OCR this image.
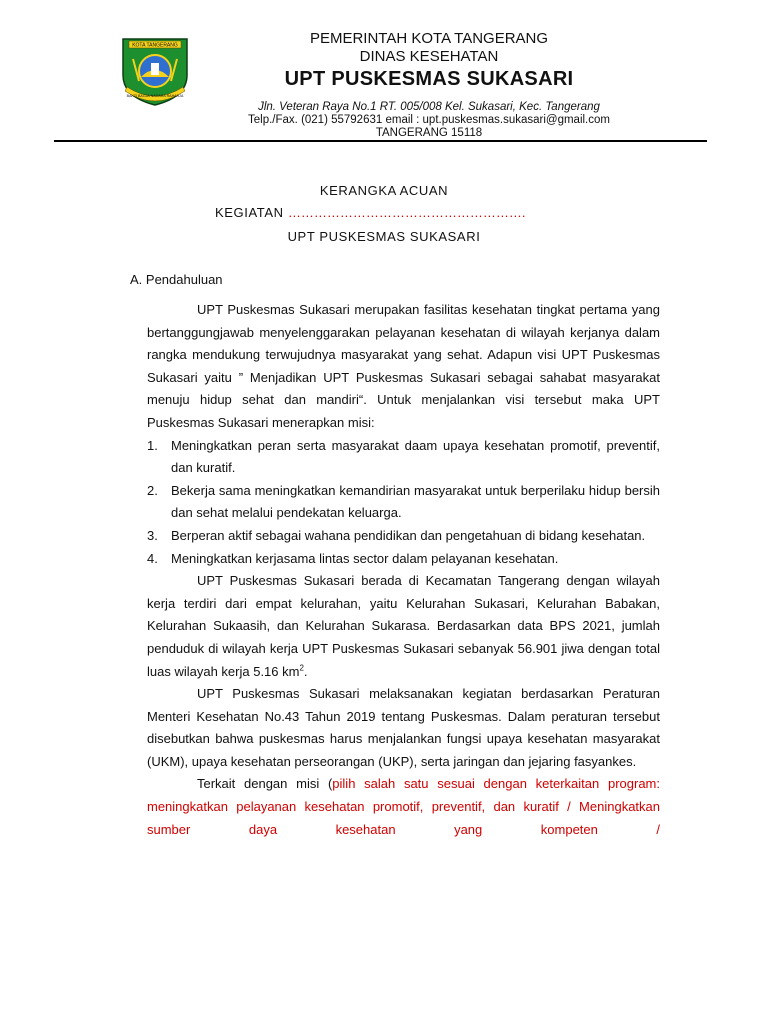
KOTA TANGERANG
BAKTI BAGJA NAGARA RAHARJA
PEMERINTAH KOTA TANGERANG
DINAS KESEHATAN
UPT PUSKESMAS SUKASARI
Jln. Veteran Raya No.1 RT. 005/008 Kel. Sukasari, Kec. Tangerang
Telp./Fax. (021) 55792631 email : upt.puskesmas.sukasari@gmail.com
TANGERANG 15118
KERANGKA ACUAN
KEGIATAN ……………………………………………….
UPT PUSKESMAS SUKASARI
A. Pendahuluan

UPT Puskesmas Sukasari merupakan fasilitas kesehatan tingkat pertama yang bertanggungjawab menyelenggarakan pelayanan kesehatan di wilayah kerjanya dalam rangka mendukung terwujudnya masyarakat yang sehat. Adapun visi UPT Puskesmas Sukasari yaitu ” Menjadikan UPT Puskesmas Sukasari sebagai sahabat masyarakat menuju hidup sehat dan mandiri“. Untuk menjalankan visi tersebut maka UPT Puskesmas Sukasari menerapkan misi:

1. Meningkatkan peran serta masyarakat daam upaya kesehatan promotif, preventif, dan kuratif.
2. Bekerja sama meningkatkan kemandirian masyarakat untuk berperilaku hidup bersih dan sehat melalui pendekatan keluarga.
3. Berperan aktif sebagai wahana pendidikan dan pengetahuan di bidang kesehatan.
4. Meningkatkan kerjasama lintas sector dalam pelayanan kesehatan.

UPT Puskesmas Sukasari berada di Kecamatan Tangerang dengan wilayah kerja terdiri dari empat kelurahan, yaitu Kelurahan Sukasari, Kelurahan Babakan, Kelurahan Sukaasih, dan Kelurahan Sukarasa. Berdasarkan data BPS 2021, jumlah penduduk di wilayah kerja UPT Puskesmas Sukasari sebanyak 56.901 jiwa dengan total luas wilayah kerja 5.16 $km^2$.

UPT Puskesmas Sukasari melaksanakan kegiatan berdasarkan Peraturan Menteri Kesehatan No.43 Tahun 2019 tentang Puskesmas. Dalam peraturan tersebut disebutkan bahwa puskesmas harus menjalankan fungsi upaya kesehatan masyarakat (UKM), upaya kesehatan perseorangan (UKP), serta jaringan dan jejaring fasyankes.

Terkait dengan misi (pilih salah satu sesuai dengan keterkaitan program: meningkatkan pelayanan kesehatan promotif, preventif, dan kuratif / Meningkatkan sumber daya kesehatan yang kompeten /
